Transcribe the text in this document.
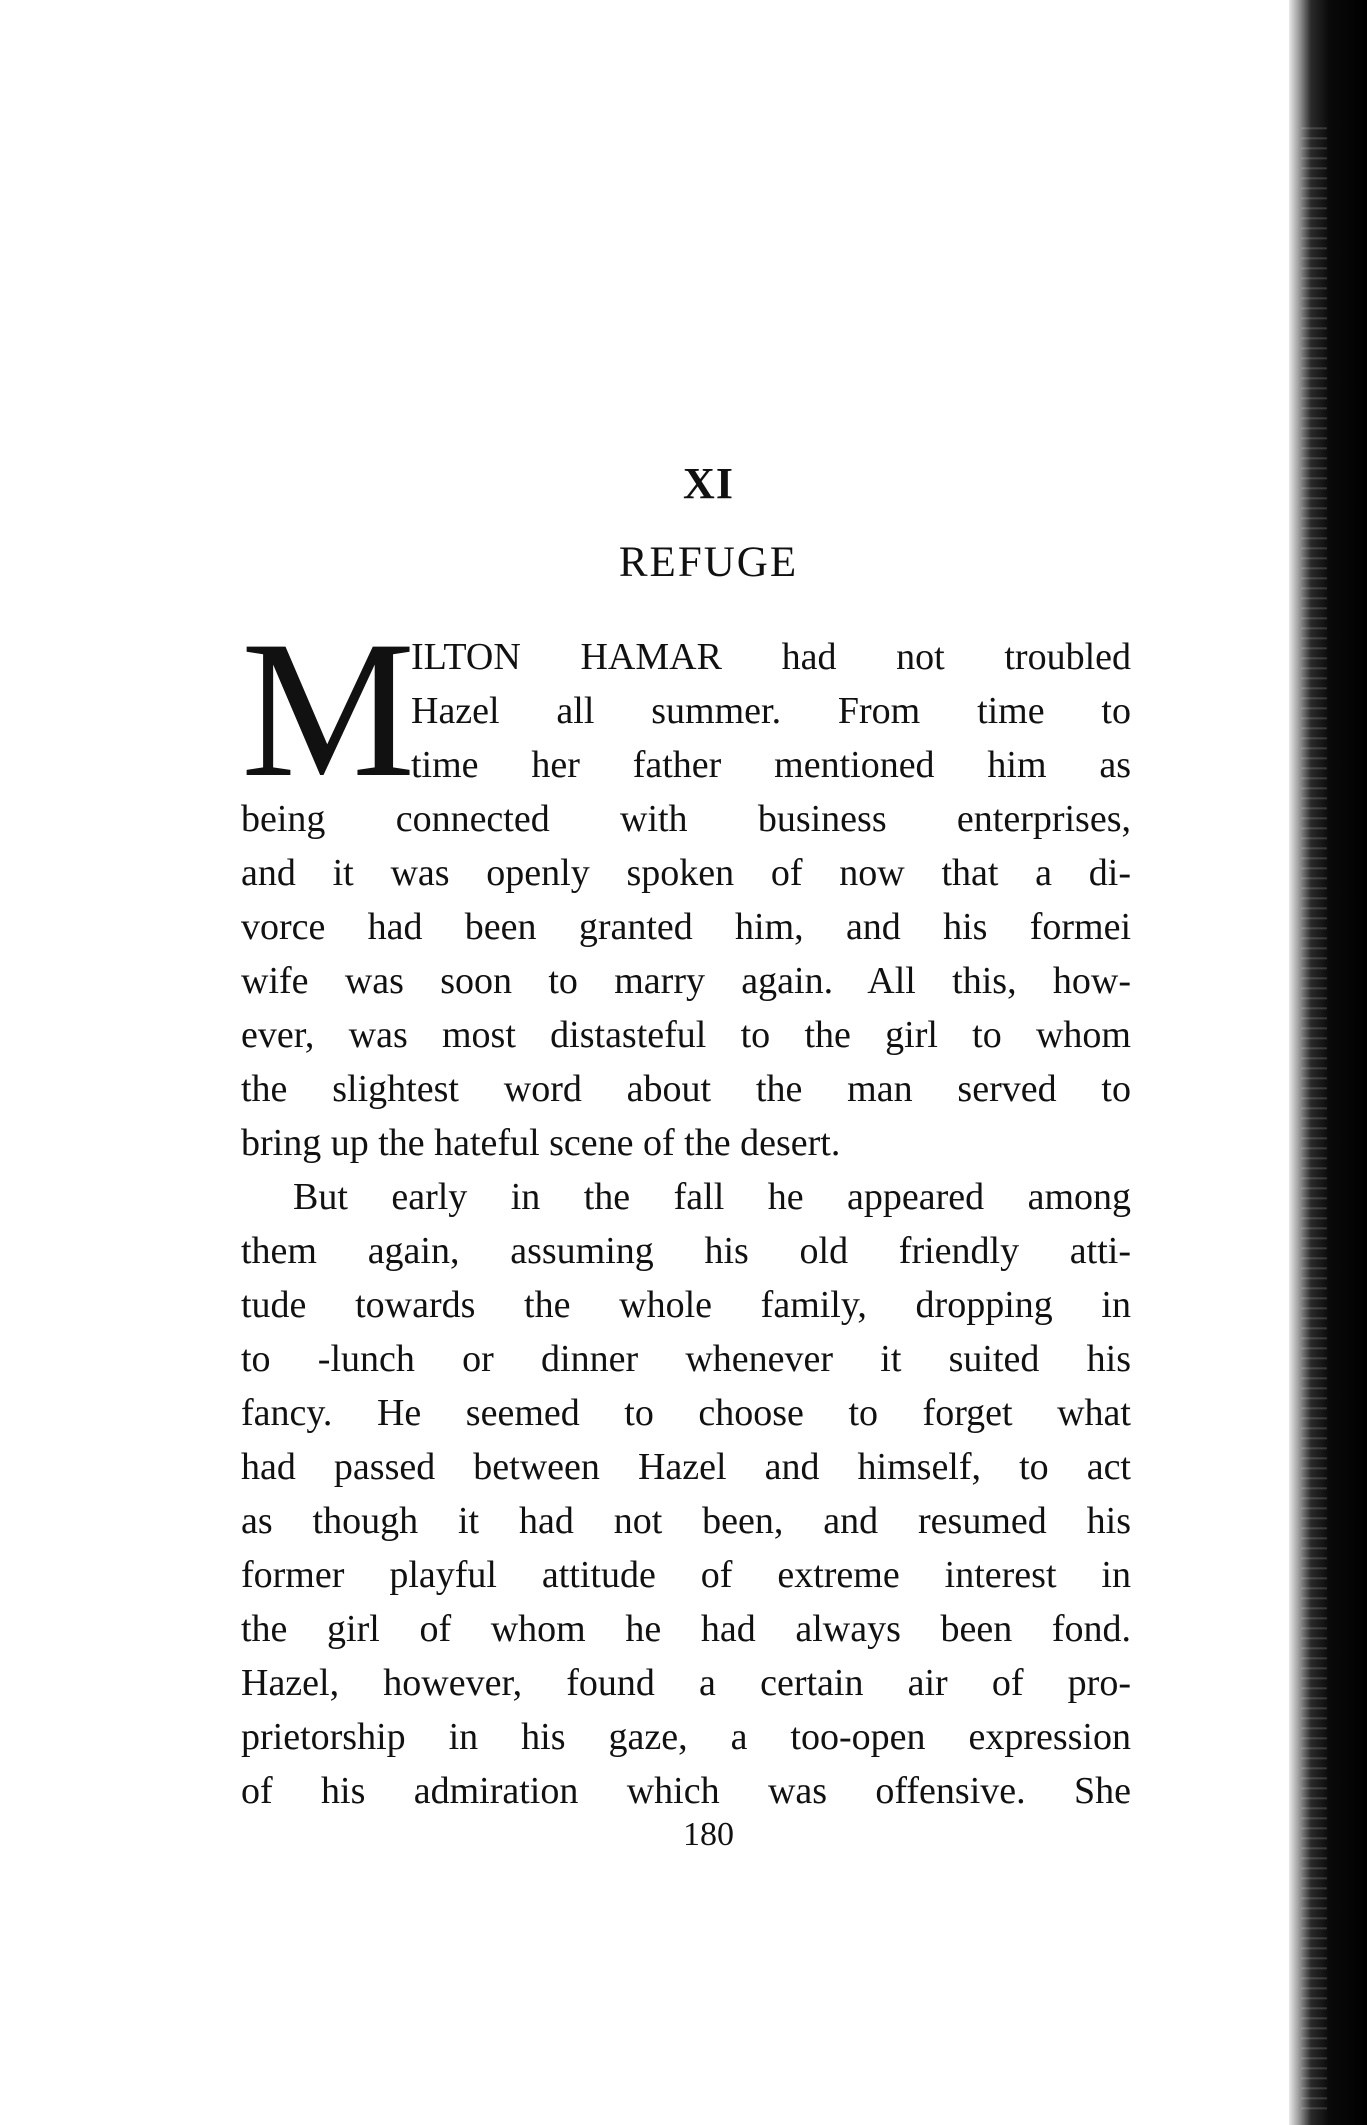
XI
REFUGE
M
ILTON HAMAR had not troubled
Hazel all summer. From time to
time her father mentioned him as
being connected with business enterprises,
and it was openly spoken of now that a di-
vorce had been granted him, and his formei
wife was soon to marry again. All this, how-
ever, was most distasteful to the girl to whom
the slightest word about the man served to
bring up the hateful scene of the desert.
But early in the fall he appeared among
them again, assuming his old friendly atti-
tude towards the whole family, dropping in
to -lunch or dinner whenever it suited his
fancy. He seemed to choose to forget what
had passed between Hazel and himself, to act
as though it had not been, and resumed his
former playful attitude of extreme interest in
the girl of whom he had always been fond.
Hazel, however, found a certain air of pro-
prietorship in his gaze, a too-open expression
of his admiration which was offensive. She
180
